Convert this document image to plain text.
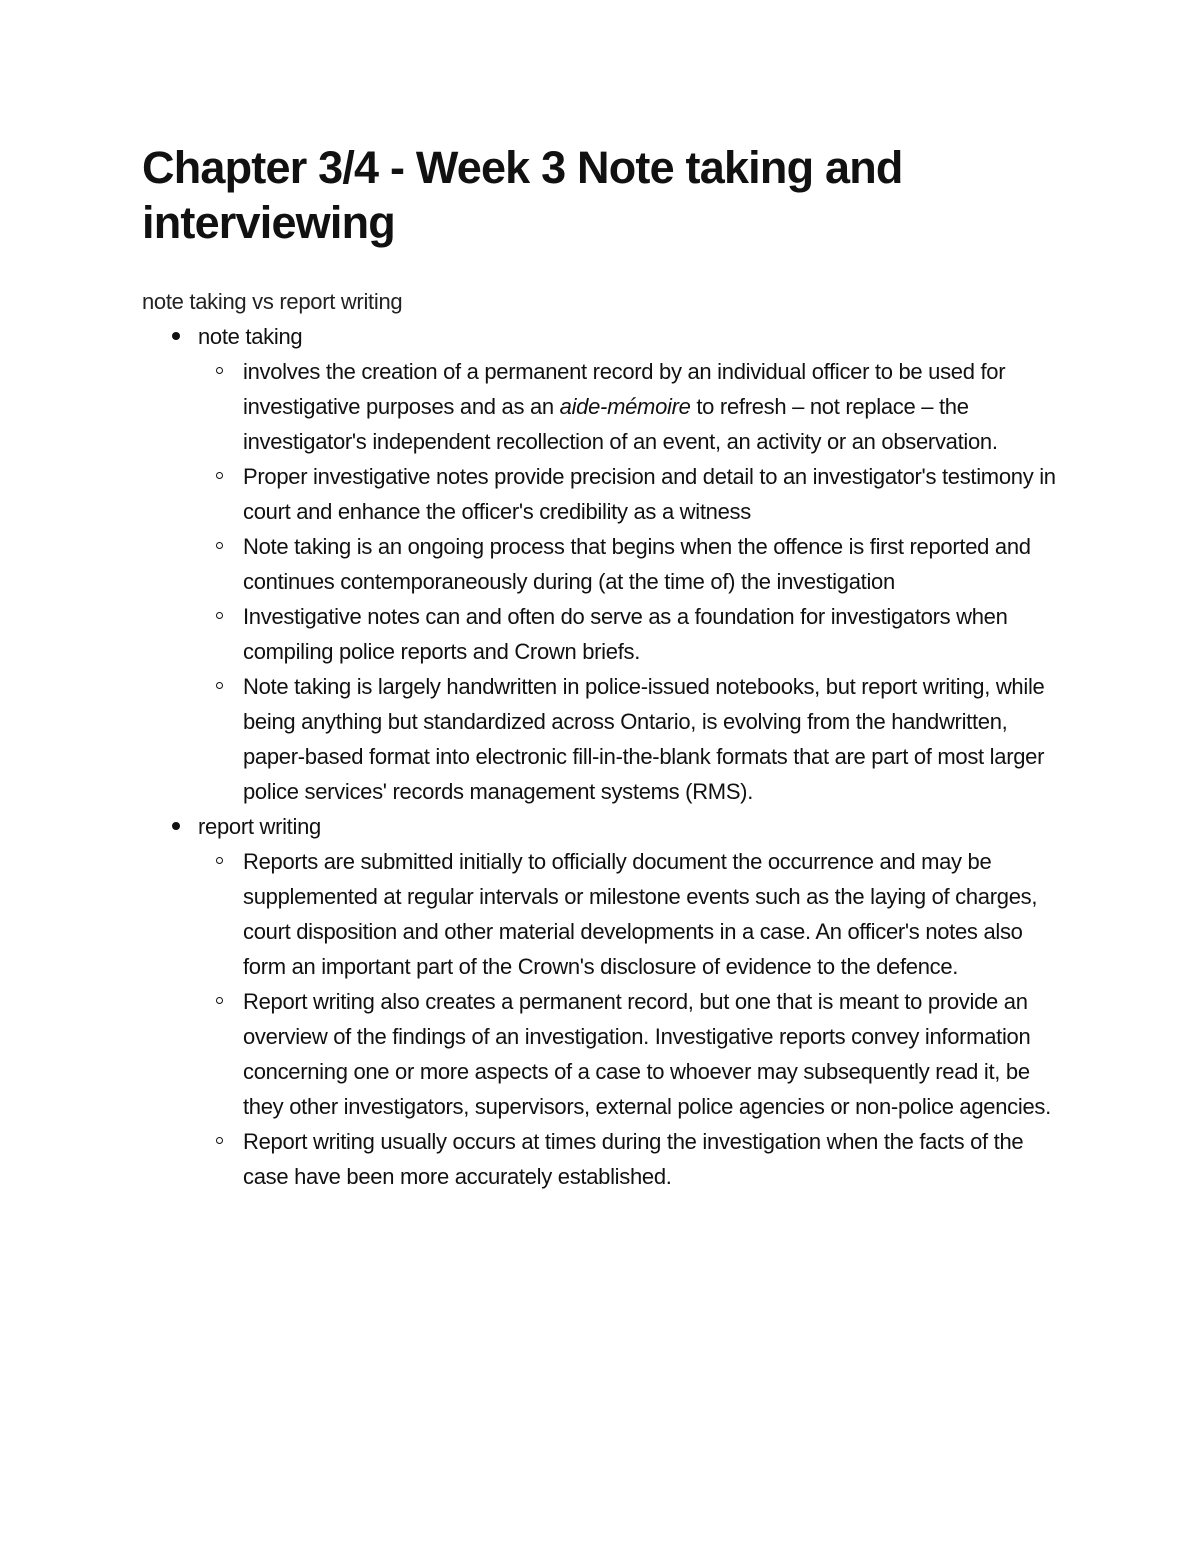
Chapter 3/4 - Week 3 Note taking and interviewing
note taking vs report writing
note taking
involves the creation of a permanent record by an individual officer to be used for investigative purposes and as an aide-mémoire to refresh – not replace – the investigator's independent recollection of an event, an activity or an observation.
Proper investigative notes provide precision and detail to an investigator's testimony in court and enhance the officer's credibility as a witness
Note taking is an ongoing process that begins when the offence is first reported and continues contemporaneously during (at the time of) the investigation
Investigative notes can and often do serve as a foundation for investigators when compiling police reports and Crown briefs.
Note taking is largely handwritten in police-issued notebooks, but report writing, while being anything but standardized across Ontario, is evolving from the handwritten, paper-based format into electronic fill-in-the-blank formats that are part of most larger police services' records management systems (RMS).
report writing
Reports are submitted initially to officially document the occurrence and may be supplemented at regular intervals or milestone events such as the laying of charges, court disposition and other material developments in a case. An officer's notes also form an important part of the Crown's disclosure of evidence to the defence.
Report writing also creates a permanent record, but one that is meant to provide an overview of the findings of an investigation. Investigative reports convey information concerning one or more aspects of a case to whoever may subsequently read it, be they other investigators, supervisors, external police agencies or non-police agencies.
Report writing usually occurs at times during the investigation when the facts of the case have been more accurately established.
